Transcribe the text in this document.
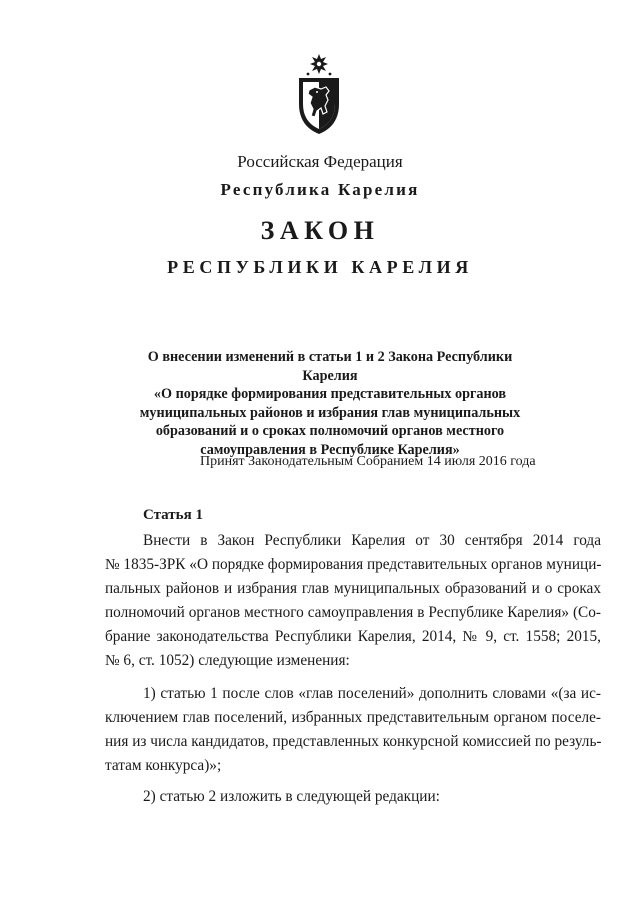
Российская Федерация
Республика Карелия
ЗАКОН
РЕСПУБЛИКИ КАРЕЛИЯ
О внесении изменений в статьи 1 и 2 Закона Республики Карелия
«О порядке формирования представительных органов
муниципальных районов и избрания глав муниципальных
образований и о сроках полномочий органов местного
самоуправления в Республике Карелия»
Принят Законодательным Собранием 14 июля 2016 года
Статья 1

Внести в Закон Республики Карелия от 30 сентября 2014 года

№ 1835-ЗРК «О порядке формирования представительных органов муници-

пальных районов и избрания глав муниципальных образований и о сроках

полномочий органов местного самоуправления в Республике Карелия» (Со-

брание законодательства Республики Карелия, 2014, № 9, ст. 1558; 2015,

№ 6, ст. 1052) следующие изменения:

1) статью 1 после слов «глав поселений» дополнить словами «(за ис-

ключением глав поселений, избранных представительным органом поселе-

ния из числа кандидатов, представленных конкурсной комиссией по резуль-

татам конкурса)»;

2) статью 2 изложить в следующей редакции:
